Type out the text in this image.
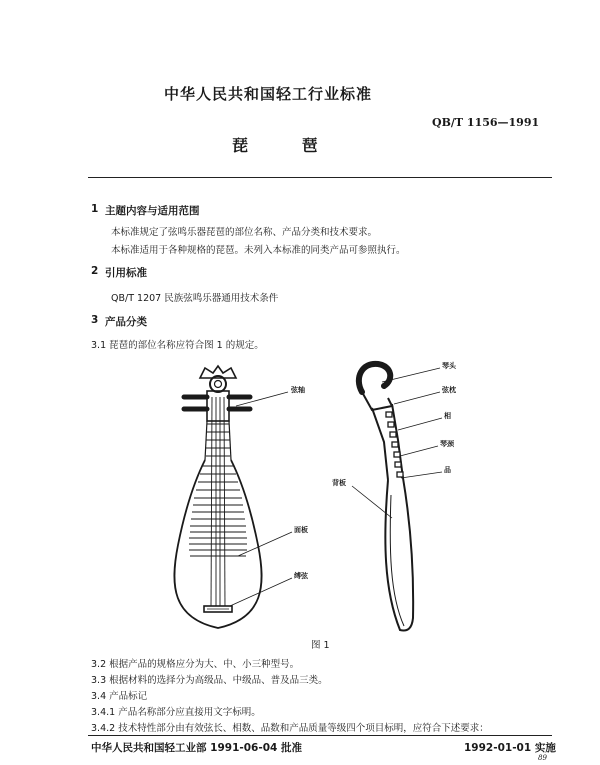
中华人民共和国轻工行业标准
QB/T 1156—1991
琵 琶
1 主题内容与适用范围
本标准规定了弦鸣乐器琵琶的部位名称、产品分类和技术要求。
本标准适用于各种规格的琵琶。未列入本标准的同类产品可参照执行。
2 引用标准
QB/T 1207 民族弦鸣乐器通用技术条件
3 产品分类
3.1 琵琶的部位名称应符合图 1 的规定。
弦轴
面板
缚弦
琴头
弦枕
相
琴颈
品
背板
图 1
3.2 根据产品的规格应分为大、中、小三种型号。
3.3 根据材料的选择分为高级品、中级品、普及品三类。
3.4 产品标记
3.4.1 产品名称部分应直接用文字标明。
3.4.2 技术特性部分由有效弦长、相数、品数和产品质量等级四个项目标明，应符合下述要求：
中华人民共和国轻工业部 1991-06-04 批准	1992-01-01 实施
89
